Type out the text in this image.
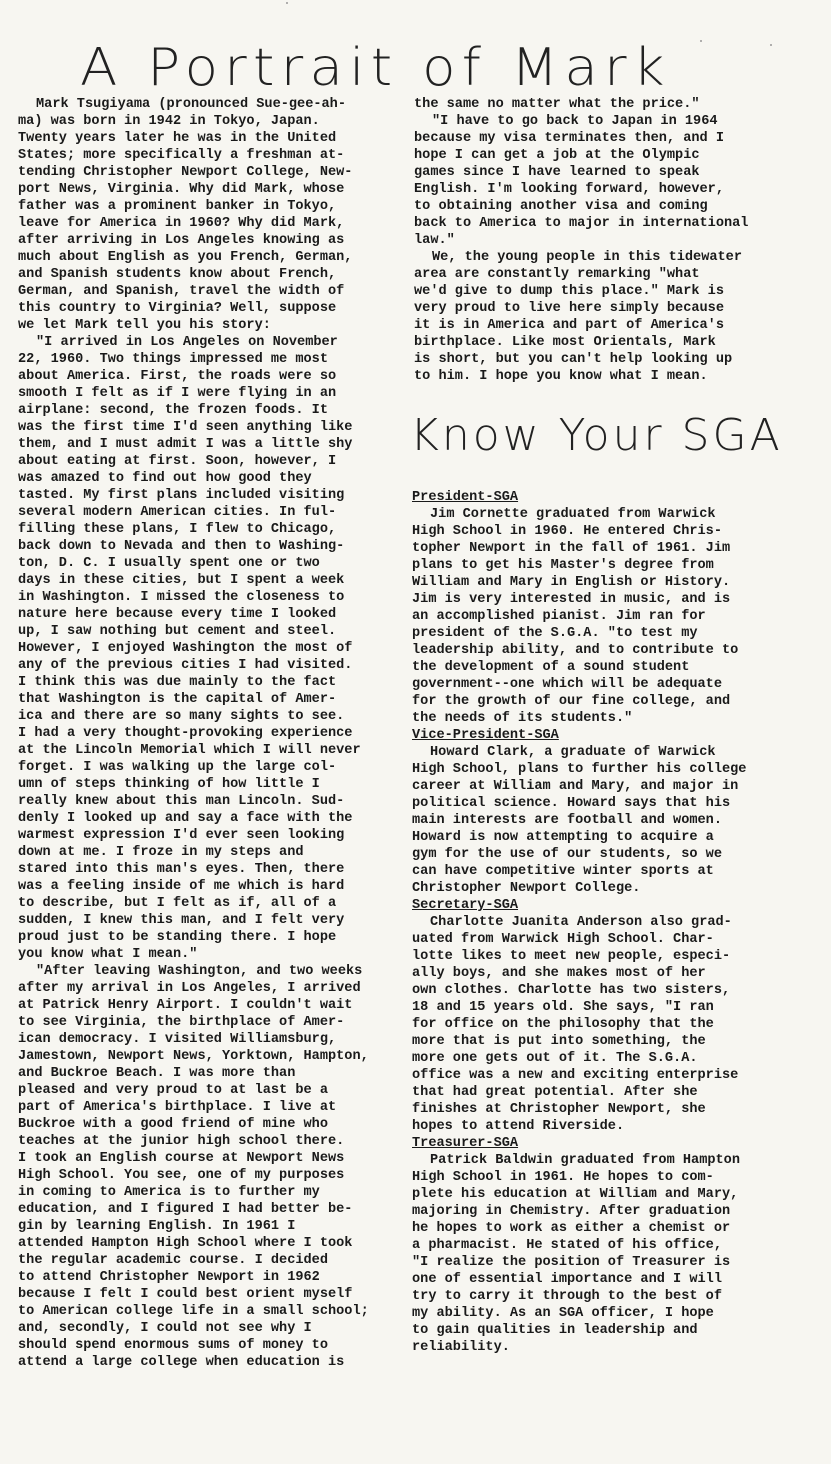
A Portrait of Mark

Mark Tsugiyama (pronounced Sue-gee-ah-
ma) was born in 1942 in Tokyo, Japan.
Twenty years later he was in the United
States; more specifically a freshman at-
tending Christopher Newport College, New-
port News, Virginia. Why did Mark, whose
father was a prominent banker in Tokyo,
leave for America in 1960? Why did Mark,
after arriving in Los Angeles knowing as
much about English as you French, German,
and Spanish students know about French,
German, and Spanish, travel the width of
this country to Virginia? Well, suppose
we let Mark tell you his story:

"I arrived in Los Angeles on November
22, 1960. Two things impressed me most
about America. First, the roads were so
smooth I felt as if I were flying in an
airplane: second, the frozen foods. It
was the first time I'd seen anything like
them, and I must admit I was a little shy
about eating at first. Soon, however, I
was amazed to find out how good they
tasted. My first plans included visiting
several modern American cities. In ful-
filling these plans, I flew to Chicago,
back down to Nevada and then to Washing-
ton, D. C. I usually spent one or two
days in these cities, but I spent a week
in Washington. I missed the closeness to
nature here because every time I looked
up, I saw nothing but cement and steel.
However, I enjoyed Washington the most of
any of the previous cities I had visited.
I think this was due mainly to the fact
that Washington is the capital of Amer-
ica and there are so many sights to see.
I had a very thought-provoking experience
at the Lincoln Memorial which I will never
forget. I was walking up the large col-
umn of steps thinking of how little I
really knew about this man Lincoln. Sud-
denly I looked up and say a face with the
warmest expression I'd ever seen looking
down at me. I froze in my steps and
stared into this man's eyes. Then, there
was a feeling inside of me which is hard
to describe, but I felt as if, all of a
sudden, I knew this man, and I felt very
proud just to be standing there. I hope
you know what I mean."

"After leaving Washington, and two weeks
after my arrival in Los Angeles, I arrived
at Patrick Henry Airport. I couldn't wait
to see Virginia, the birthplace of Amer-
ican democracy. I visited Williamsburg,
Jamestown, Newport News, Yorktown, Hampton,
and Buckroe Beach. I was more than
pleased and very proud to at last be a
part of America's birthplace. I live at
Buckroe with a good friend of mine who
teaches at the junior high school there.
I took an English course at Newport News
High School. You see, one of my purposes
in coming to America is to further my
education, and I figured I had better be-
gin by learning English. In 1961 I
attended Hampton High School where I took
the regular academic course. I decided
to attend Christopher Newport in 1962
because I felt I could best orient myself
to American college life in a small school;
and, secondly, I could not see why I
should spend enormous sums of money to
attend a large college when education is

the same no matter what the price."

"I have to go back to Japan in 1964
because my visa terminates then, and I
hope I can get a job at the Olympic
games since I have learned to speak
English. I'm looking forward, however,
to obtaining another visa and coming
back to America to major in international
law."

We, the young people in this tidewater
area are constantly remarking "what
we'd give to dump this place." Mark is
very proud to live here simply because
it is in America and part of America's
birthplace. Like most Orientals, Mark
is short, but you can't help looking up
to him. I hope you know what I mean.

Know Your SGA
President-SGA

Jim Cornette graduated from Warwick
High School in 1960. He entered Chris-
topher Newport in the fall of 1961. Jim
plans to get his Master's degree from
William and Mary in English or History.
Jim is very interested in music, and is
an accomplished pianist. Jim ran for
president of the S.G.A. "to test my
leadership ability, and to contribute to
the development of a sound student
government--one which will be adequate
for the growth of our fine college, and
the needs of its students."

Vice-President-SGA

Howard Clark, a graduate of Warwick
High School, plans to further his college
career at William and Mary, and major in
political science. Howard says that his
main interests are football and women.
Howard is now attempting to acquire a
gym for the use of our students, so we
can have competitive winter sports at
Christopher Newport College.

Secretary-SGA

Charlotte Juanita Anderson also grad-
uated from Warwick High School. Char-
lotte likes to meet new people, especi-
ally boys, and she makes most of her
own clothes. Charlotte has two sisters,
18 and 15 years old. She says, "I ran
for office on the philosophy that the
more that is put into something, the
more one gets out of it. The S.G.A.
office was a new and exciting enterprise
that had great potential. After she
finishes at Christopher Newport, she
hopes to attend Riverside.

Treasurer-SGA

Patrick Baldwin graduated from Hampton
High School in 1961. He hopes to com-
plete his education at William and Mary,
majoring in Chemistry. After graduation
he hopes to work as either a chemist or
a pharmacist. He stated of his office,
"I realize the position of Treasurer is
one of essential importance and I will
try to carry it through to the best of
my ability. As an SGA officer, I hope
to gain qualities in leadership and
reliability.
